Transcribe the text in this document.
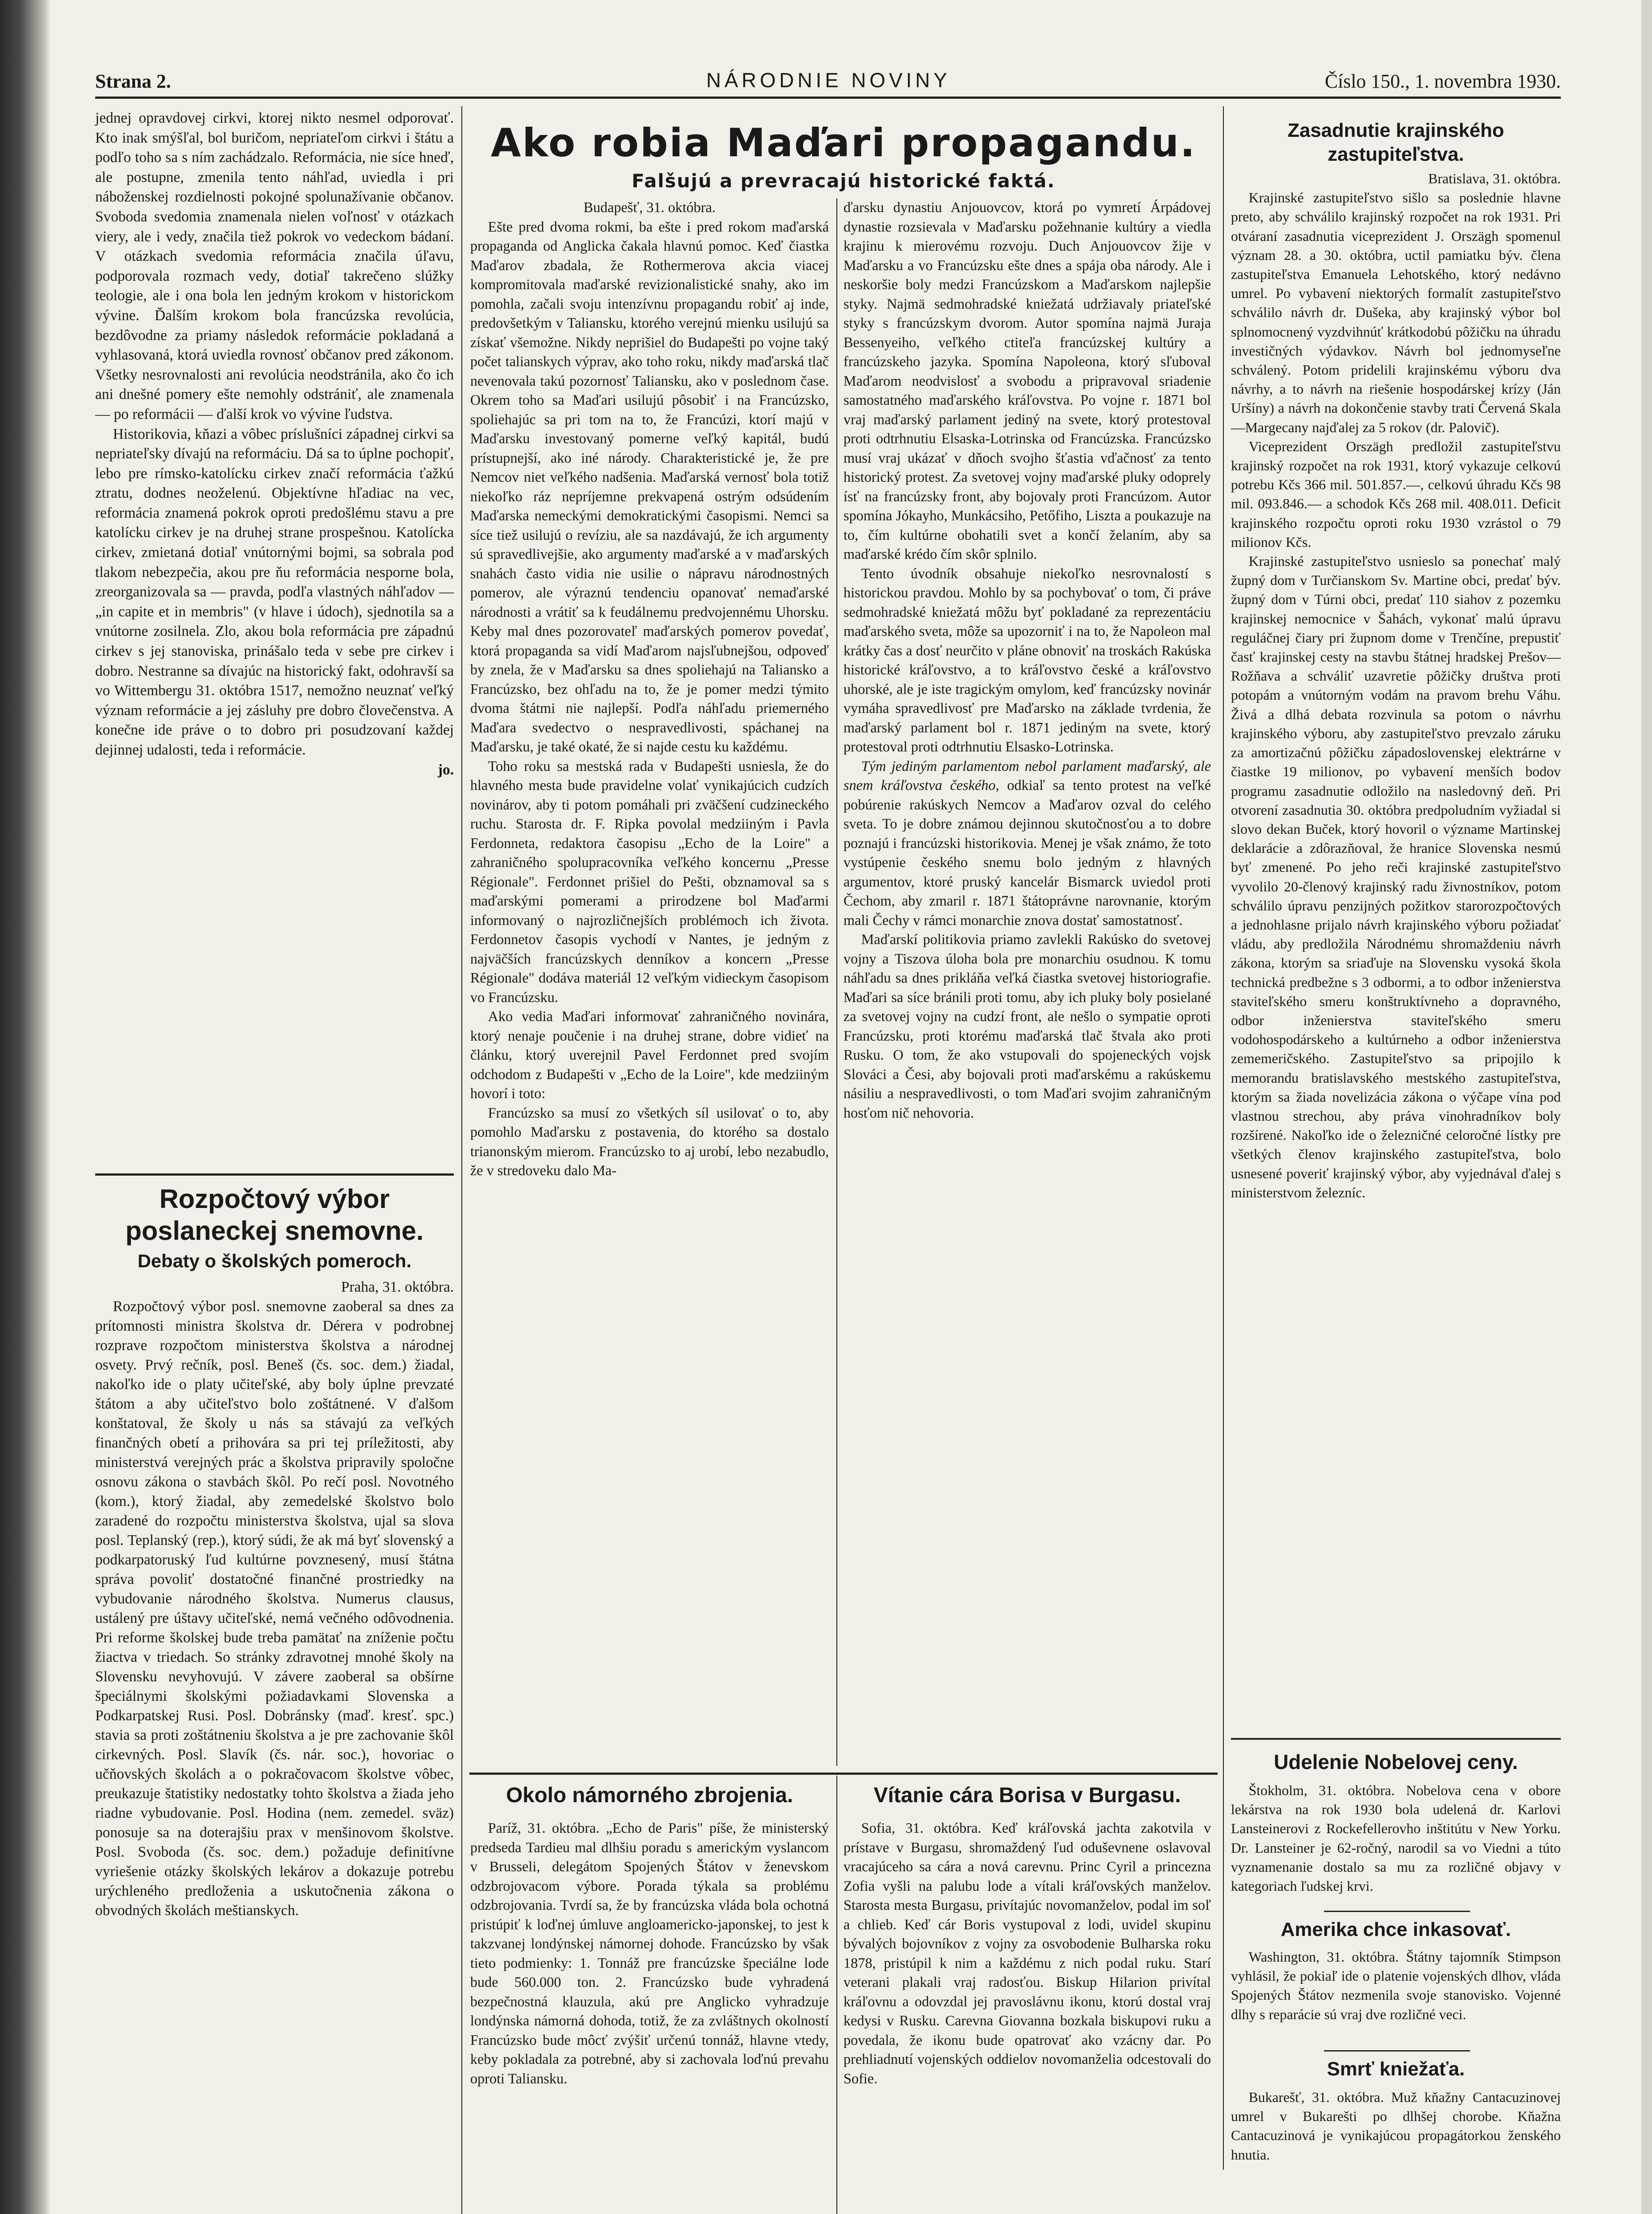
Strana 2.	NÁRODNIE NOVINY	Číslo 150., 1. novembra 1930.

jednej opravdovej cirkvi, ktorej nikto nesmel odporovať. Kto inak smýšľal, bol buričom, nepriateľom cirkvi i štátu a podľo toho sa s ním zachádzalo. Reformácia, nie síce hneď, ale postupne, zmenila tento náhľad, uviedla i pri náboženskej rozdielnosti pokojné spolunažívanie občanov. Svoboda svedomia znamenala nielen voľnosť v otázkach viery, ale i vedy, značila tiež pokrok vo vedeckom bádaní. V otázkach svedomia reformácia značila úľavu, podporovala rozmach vedy, dotiaľ takrečeno slúžky teologie, ale i ona bola len jedným krokom v historickom vývine. Ďalším krokom bola francúzska revolúcia, bezdôvodne za priamy následok reformácie pokladaná a vyhlasovaná, ktorá uviedla rovnosť občanov pred zákonom. Všetky nesrovnalosti ani revolúcia neodstránila, ako čo ich ani dnešné pomery ešte nemohly odstrániť, ale znamenala — po reformácii — ďalší krok vo vývine ľudstva.

Historikovia, kňazi a vôbec príslušníci západnej cirkvi sa nepriateľsky dívajú na reformáciu. Dá sa to úplne pochopiť, lebo pre rímsko-katolícku cirkev značí reformácia ťažkú ztratu, dodnes neoželenú. Objektívne hľadiac na vec, reformácia znamená pokrok oproti predošlému stavu a pre katolícku cirkev je na druhej strane prospešnou. Katolícka cirkev, zmietaná dotiaľ vnútornými bojmi, sa sobrala pod tlakom nebezpečia, akou pre ňu reformácia nesporne bola, zreorganizovala sa — pravda, podľa vlastných náhľadov — „in capite et in membris" (v hlave i údoch), sjednotila sa a vnútorne zosilnela. Zlo, akou bola reformácia pre západnú cirkev s jej stanoviska, prinášalo teda v sebe pre cirkev i dobro. Nestranne sa dívajúc na historický fakt, odohravší sa vo Wittembergu 31. októbra 1517, nemožno neuznať veľký význam reformácie a jej zásluhy pre dobro človečenstva. A konečne ide práve o to dobro pri posudzovaní každej dejinnej udalosti, teda i reformácie.

jo.

Rozpočtový výbor
poslaneckej snemovne.
Debaty o školských pomeroch.

Praha, 31. októbra.

Rozpočtový výbor posl. snemovne zaoberal sa dnes za prítomnosti ministra školstva dr. Dérera v podrobnej rozprave rozpočtom ministerstva školstva a národnej osvety. Prvý rečník, posl. Beneš (čs. soc. dem.) žiadal, nakoľko ide o platy učiteľské, aby boly úplne prevzaté štátom a aby učiteľstvo bolo zoštátnené. V ďalšom konštatoval, že školy u nás sa stávajú za veľkých finančných obetí a prihovára sa pri tej príležitosti, aby ministerstvá verejných prác a školstva pripravily spoločne osnovu zákona o stavbách škôl. Po rečí posl. Novotného (kom.), ktorý žiadal, aby zemedelské školstvo bolo zaradené do rozpočtu ministerstva školstva, ujal sa slova posl. Teplanský (rep.), ktorý súdi, že ak má byť slovenský a podkarpatoruský ľud kultúrne povznesený, musí štátna správa povoliť dostatočné finančné prostriedky na vybudovanie národného školstva. Numerus clausus, ustálený pre úštavy učiteľské, nemá večného odôvodnenia. Pri reforme školskej bude treba pamätať na zníženie počtu žiactva v triedach. So stránky zdravotnej mnohé školy na Slovensku nevyhovujú. V závere zaoberal sa obšírne špeciálnymi školskými požiadavkami Slovenska a Podkarpatskej Rusi. Posl. Dobránsky (maď. kresť. spc.) stavia sa proti zoštátneniu školstva a je pre zachovanie škôl cirkevných. Posl. Slavík (čs. nár. soc.), hovoriac o učňovských školách a o pokračovacom školstve vôbec, preukazuje štatistiky nedostatky tohto školstva a žiada jeho riadne vybudovanie. Posl. Hodina (nem. zemedel. sväz) ponosuje sa na doterajšiu prax v menšinovom školstve. Posl. Svoboda (čs. soc. dem.) požaduje definitívne vyriešenie otázky školských lekárov a dokazuje potrebu urýchleného predloženia a uskutočnenia zákona o obvodných školách meštianskych.

Ako robia Maďari propagandu.
Falšujú a prevracajú historické faktá.

Budapešť, 31. októbra.

Ešte pred dvoma rokmi, ba ešte i pred rokom maďarská propaganda od Anglicka čakala hlavnú pomoc. Keď čiastka Maďarov zbadala, že Rothermerova akcia viacej kompromitovala maďarské revizionalistické snahy, ako im pomohla, začali svoju intenzívnu propagandu robiť aj inde, predovšetkým v Taliansku, ktorého verejnú mienku usilujú sa získať všemožne. Nikdy neprišiel do Budapešti po vojne taký počet talianskych výprav, ako toho roku, nikdy maďarská tlač nevenovala takú pozornosť Taliansku, ako v poslednom čase. Okrem toho sa Maďari usilujú pôsobiť i na Francúzsko, spoliehajúc sa pri tom na to, že Francúzi, ktorí majú v Maďarsku investovaný pomerne veľký kapitál, budú prístupnejší, ako iné národy. Charakteristické je, že pre Nemcov niet veľkého nadšenia. Maďarská vernosť bola totiž niekoľko ráz nepríjemne prekvapená ostrým odsúdením Maďarska nemeckými demokratickými časopismi. Nemci sa síce tiež usilujú o revíziu, ale sa nazdávajú, že ich argumenty sú spravedlivejšie, ako argumenty maďarské a v maďarských snahách často vidia nie usilie o nápravu národnostných pomerov, ale výraznú tendenciu opanovať nemaďarské národnosti a vrátiť sa k feudálnemu predvojennému Uhorsku. Keby mal dnes pozorovateľ maďarských pomerov povedať, ktorá propaganda sa vidí Maďarom najsľubnejšou, odpoveď by znela, že v Maďarsku sa dnes spoliehajú na Taliansko a Francúzsko, bez ohľadu na to, že je pomer medzi týmito dvoma štátmi nie najlepší. Podľa náhľadu priemerného Maďara svedectvo o nespravedlivosti, spáchanej na Maďarsku, je také okaté, že si najde cestu ku každému.

Toho roku sa mestská rada v Budapešti usniesla, že do hlavného mesta bude pravidelne volať vynikajúcich cudzích novinárov, aby ti potom pomáhali pri zväčšení cudzineckého ruchu. Starosta dr. F. Ripka povolal medziiným i Pavla Ferdonneta, redaktora časopisu „Echo de la Loire" a zahraničného spolupracovníka veľkého koncernu „Presse Régionale". Ferdonnet prišiel do Pešti, obznamoval sa s maďarskými pomerami a prirodzene bol Maďarmi informovaný o najrozličnejších problémoch ich života. Ferdonnetov časopis vychodí v Nantes, je jedným z najväčších francúzskych denníkov a koncern „Presse Régionale" dodáva materiál 12 veľkým vidieckym časopisom vo Francúzsku.

Ako vedia Maďari informovať zahraničného novinára, ktorý nenaje poučenie i na druhej strane, dobre vidieť na článku, ktorý uverejnil Pavel Ferdonnet pred svojím odchodom z Budapešti v „Echo de la Loire", kde medziiným hovorí i toto:

Francúzsko sa musí zo všetkých síl usilovať o to, aby pomohlo Maďarsku z postavenia, do ktorého sa dostalo trianonským mierom. Francúzsko to aj urobí, lebo nezabudlo, že v stredoveku dalo Ma-

ďarsku dynastiu Anjouovcov, ktorá po vymretí Árpádovej dynastie rozsievala v Maďarsku požehnanie kultúry a viedla krajinu k mierovému rozvoju. Duch Anjouovcov žije v Maďarsku a vo Francúzsku ešte dnes a spája oba národy. Ale i neskoršie boly medzi Francúzskom a Maďarskom najlepšie styky. Najmä sedmohradské kniežatá udržiavaly priateľské styky s francúzskym dvorom. Autor spomína najmä Juraja Bessenyeiho, veľkého ctiteľa francúzskej kultúry a francúzskeho jazyka. Spomína Napoleona, ktorý sľuboval Maďarom neodvislosť a svobodu a pripravoval sriadenie samostatného maďarského kráľovstva. Po vojne r. 1871 bol vraj maďarský parlament jediný na svete, ktorý protestoval proti odtrhnutiu Elsaska-Lotrinska od Francúzska. Francúzsko musí vraj ukázať v dňoch svojho šťastia vďačnosť za tento historický protest. Za svetovej vojny maďarské pluky odoprely ísť na francúzsky front, aby bojovaly proti Francúzom. Autor spomína Jókayho, Munkácsiho, Petőfiho, Liszta a poukazuje na to, čím kultúrne obohatili svet a končí želaním, aby sa maďarské krédo čím skôr splnilo.

Tento úvodník obsahuje niekoľko nesrovnalostí s historickou pravdou. Mohlo by sa pochybovať o tom, či práve sedmohradské kniežatá môžu byť pokladané za reprezentáciu maďarského sveta, môže sa upozorniť i na to, že Napoleon mal krátky čas a dosť neurčito v pláne obnoviť na troskách Rakúska historické kráľovstvo, a to kráľovstvo české a kráľovstvo uhorské, ale je iste tragickým omylom, keď francúzsky novinár vymáha spravedlivosť pre Maďarsko na základe tvrdenia, že maďarský parlament bol r. 1871 jediným na svete, ktorý protestoval proti odtrhnutiu Elsasko-Lotrinska.

Tým jediným parlamentom nebol parlament maďarský, ale snem kráľovstva českého, odkiaľ sa tento protest na veľké pobúrenie rakúskych Nemcov a Maďarov ozval do celého sveta. To je dobre známou dejinnou skutočnosťou a to dobre poznajú i francúzski historikovia. Menej je však známo, že toto vystúpenie českého snemu bolo jedným z hlavných argumentov, ktoré pruský kancelár Bismarck uviedol proti Čechom, aby zmaril r. 1871 štátoprávne narovnanie, ktorým mali Čechy v rámci monarchie znova dostať samostatnosť.

Maďarskí politikovia priamo zavlekli Rakúsko do svetovej vojny a Tiszova úloha bola pre monarchiu osudnou. K tomu náhľadu sa dnes prikláňa veľká čiastka svetovej historiografie. Maďari sa síce bránili proti tomu, aby ich pluky boly posielané za svetovej vojny na cudzí front, ale nešlo o sympatie oproti Francúzsku, proti ktorému maďarská tlač štvala ako proti Rusku. O tom, že ako vstupovali do spojeneckých vojsk Slováci a Česi, aby bojovali proti maďarskému a rakúskemu násiliu a nespravedlivosti, o tom Maďari svojim zahraničným hosťom nič nehovoria.

Okolo námorného zbrojenia.

Paríž, 31. októbra. „Echo de Paris" píše, že ministerský predseda Tardieu mal dlhšiu poradu s americkým vyslancom v Brusseli, delegátom Spojených Štátov v ženevskom odzbrojovacom výbore. Porada týkala sa problému odzbrojovania. Tvrdí sa, že by francúzska vláda bola ochotná pristúpiť k loďnej úmluve angloamericko-japonskej, to jest k takzvanej londýnskej námornej dohode. Francúzsko by však tieto podmienky: 1. Tonnáž pre francúzske špeciálne lode bude 560.000 ton. 2. Francúzsko bude vyhradená bezpečnostná klauzula, akú pre Anglicko vyhradzuje londýnska námorná dohoda, totiž, že za zvláštnych okolností Francúzsko bude môcť zvýšiť určenú tonnáž, hlavne vtedy, keby pokladala za potrebné, aby si zachovala loďnú prevahu oproti Taliansku.

Vítanie cára Borisa v Burgasu.

Sofia, 31. októbra. Keď kráľovská jachta zakotvila v prístave v Burgasu, shromaždený ľud oduševnene oslavoval vracajúceho sa cára a nová carevnu. Princ Cyril a princezna Zofia vyšli na palubu lode a vítali kráľovských manželov. Starosta mesta Burgasu, privítajúc novomanželov, podal im soľ a chlieb. Keď cár Boris vystupoval z lodi, uvidel skupinu bývalých bojovníkov z vojny za osvobodenie Bulharska roku 1878, pristúpil k nim a každému z nich podal ruku. Starí veterani plakali vraj radosťou. Biskup Hilarion privítal kráľovnu a odovzdal jej pravoslávnu ikonu, ktorú dostal vraj kedysi v Rusku. Carevna Giovanna bozkala biskupovi ruku a povedala, že ikonu bude opatrovať ako vzácny dar. Po prehliadnutí vojenských oddielov novomanželia odcestovali do Sofie.

Zasadnutie krajinského
zastupiteľstva.

Bratislava, 31. októbra.

Krajinské zastupiteľstvo sišlo sa poslednie hlavne preto, aby schválilo krajinský rozpočet na rok 1931. Pri otváraní zasadnutia viceprezident J. Orszägh spomenul význam 28. a 30. októbra, uctil pamiatku býv. člena zastupiteľstva Emanuela Lehotského, ktorý nedávno umrel. Po vybavení niektorých formalít zastupiteľstvo schválilo návrh dr. Dušeka, aby krajinský výbor bol splnomocnený vyzdvihnúť krátkodobú pôžičku na úhradu investičných výdavkov. Návrh bol jednomyseľne schválený. Potom pridelili krajinskému výboru dva návrhy, a to návrh na riešenie hospodárskej krízy (Ján Uršíny) a návrh na dokončenie stavby trati Červená Skala—Margecany najďalej za 5 rokov (dr. Palovič).

Viceprezident Orszägh predložil zastupiteľstvu krajinský rozpočet na rok 1931, ktorý vykazuje celkovú potrebu Kčs 366 mil. 501.857.—, celkovú úhradu Kčs 98 mil. 093.846.— a schodok Kčs 268 mil. 408.011. Deficit krajinského rozpočtu oproti roku 1930 vzrástol o 79 milionov Kčs.

Krajinské zastupiteľstvo usnieslo sa ponechať malý župný dom v Turčianskom Sv. Martine obci, predať býv. župný dom v Túrni obci, predať 110 siahov z pozemku krajinskej nemocnice v Šahách, vykonať malú úpravu reguláčnej čiary pri župnom dome v Trenčíne, prepustiť časť krajinskej cesty na stavbu štátnej hradskej Prešov—Rožňava a schváliť uzavretie pôžičky društva proti potopám a vnútorným vodám na pravom brehu Váhu. Živá a dlhá debata rozvinula sa potom o návrhu krajinského výboru, aby zastupiteľstvo prevzalo záruku za amortizačnú pôžičku západoslovenskej elektrárne v čiastke 19 milionov, po vybavení menších bodov programu zasadnutie odložilo na nasledovný deň. Pri otvorení zasadnutia 30. októbra predpoludním vyžiadal si slovo dekan Buček, ktorý hovoril o význame Martinskej deklarácie a zdôrazňoval, že hranice Slovenska nesmú byť zmenené. Po jeho reči krajinské zastupiteľstvo vyvolilo 20-členový krajinský radu živnostníkov, potom schválilo úpravu penzijných požitkov starorozpočtových a jednohlasne prijalo návrh krajinského výboru požiadať vládu, aby predložila Národnému shromaždeniu návrh zákona, ktorým sa sriaďuje na Slovensku vysoká škola technická predbežne s 3 odbormi, a to odbor inženierstva staviteľského smeru konštruktívneho a dopravného, odbor inženierstva staviteľského smeru vodohospodárskeho a kultúrneho a odbor inženierstva zememeričského. Zastupiteľstvo sa pripojilo k memorandu bratislavského mestského zastupiteľstva, ktorým sa žiada novelizácia zákona o výčape vína pod vlastnou strechou, aby práva vinohradníkov boly rozšírené. Nakoľko ide o železničné celoročné lístky pre všetkých členov krajinského zastupiteľstva, bolo usnesené poveriť krajinský výbor, aby vyjednával ďalej s ministerstvom železníc.

Udelenie Nobelovej ceny.

Štokholm, 31. októbra. Nobelova cena v obore lekárstva na rok 1930 bola udelená dr. Karlovi Lansteinerovi z Rockefellerovho inštitútu v New Yorku. Dr. Lansteiner je 62-ročný, narodil sa vo Viedni a túto vyznamenanie dostalo sa mu za rozličné objavy v kategoriach ľudskej krvi.

Amerika chce inkasovať.

Washington, 31. októbra. Štátny tajomník Stimpson vyhlásil, že pokiaľ ide o platenie vojenských dlhov, vláda Spojených Štátov nezmenila svoje stanovisko. Vojenné dlhy s reparácie sú vraj dve rozličné veci.

Smrť kniežaťa.

Bukarešť, 31. októbra. Muž kňažny Cantacuzinovej umrel v Bukarešti po dlhšej chorobe. Kňažna Cantacuzinová je vynikajúcou propagátorkou ženského hnutia.
